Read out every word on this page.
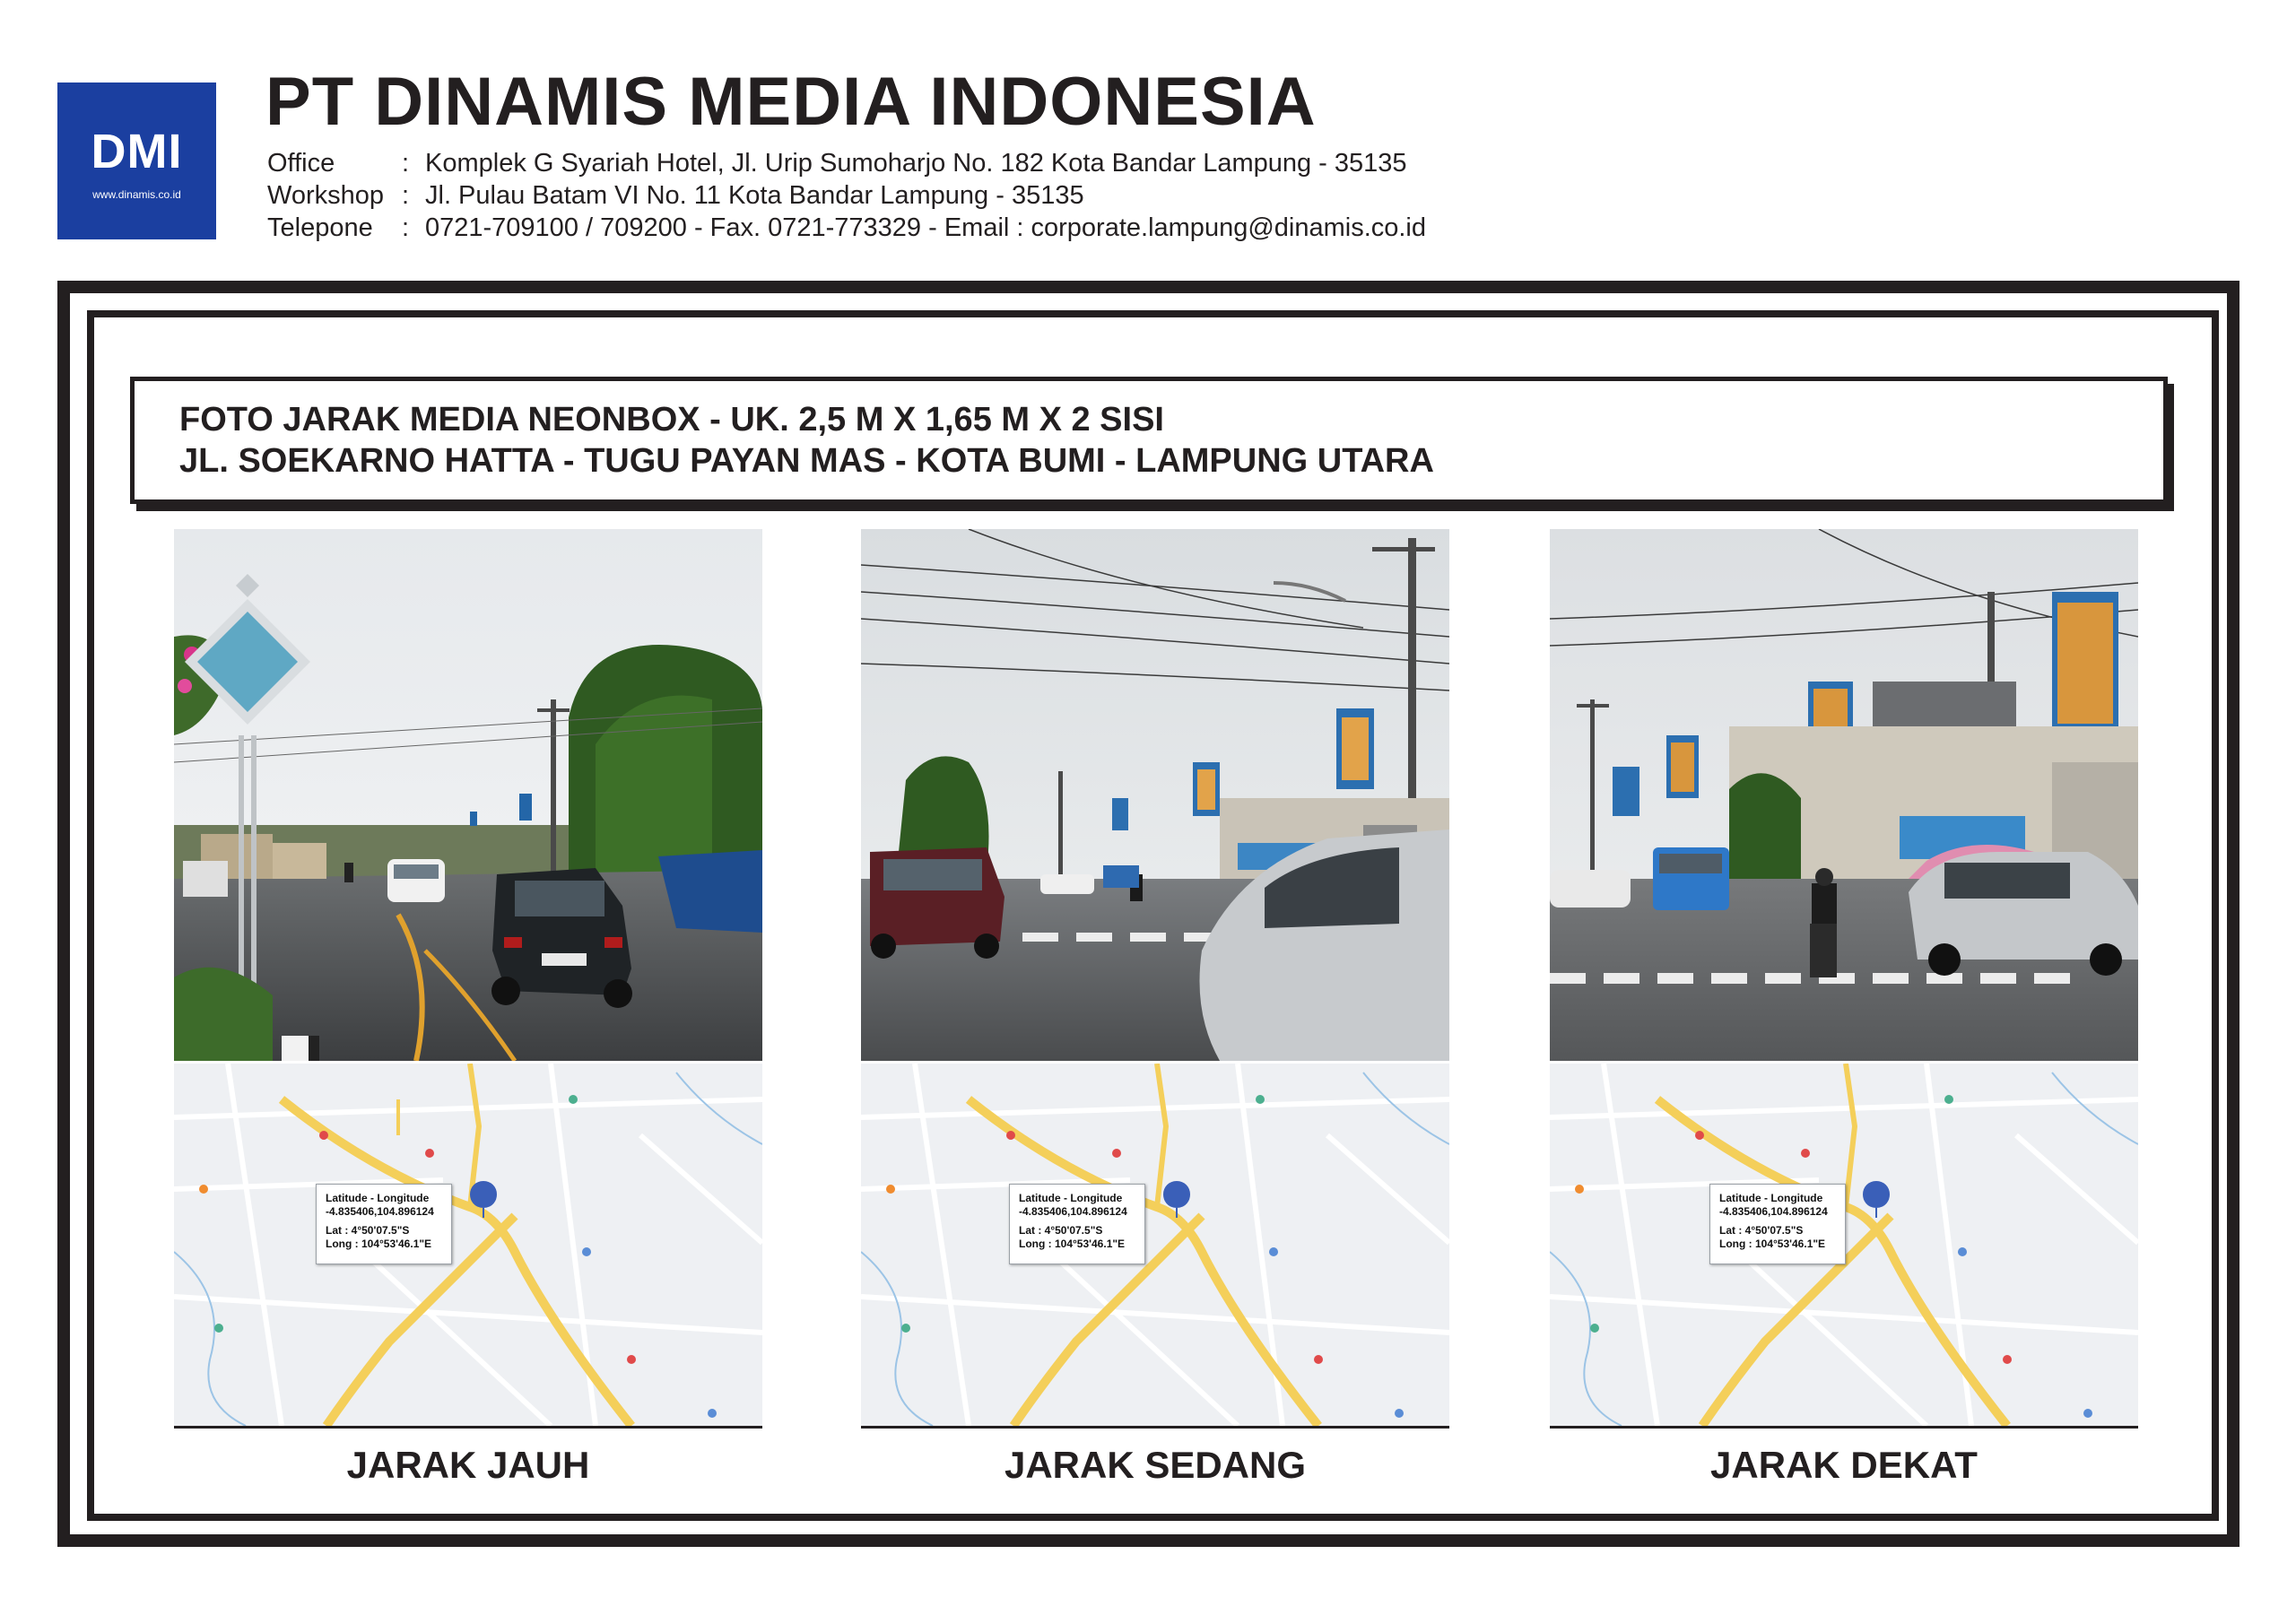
DMI
www.dinamis.co.id
PT DINAMIS MEDIA INDONESIA
Office	: Komplek G Syariah Hotel, Jl. Urip Sumoharjo No. 182 Kota Bandar Lampung - 35135
Workshop : Jl. Pulau Batam VI No. 11 Kota Bandar Lampung - 35135
Telepone	: 0721-709100 / 709200 - Fax. 0721-773329 - Email : corporate.lampung@dinamis.co.id
FOTO JARAK MEDIA NEONBOX - UK. 2,5 M X 1,65 M X 2 SISI
JL. SOEKARNO HATTA - TUGU PAYAN MAS - KOTA BUMI - LAMPUNG UTARA
Latitude - Longitude
-4.835406,104.896124
Lat : 4°50'07.5"S
Long : 104°53'46.1"E
JARAK JAUH
Latitude - Longitude
-4.835406,104.896124
Lat : 4°50'07.5"S
Long : 104°53'46.1"E
JARAK SEDANG
Latitude - Longitude
-4.835406,104.896124
Lat : 4°50'07.5"S
Long : 104°53'46.1"E
JARAK DEKAT
